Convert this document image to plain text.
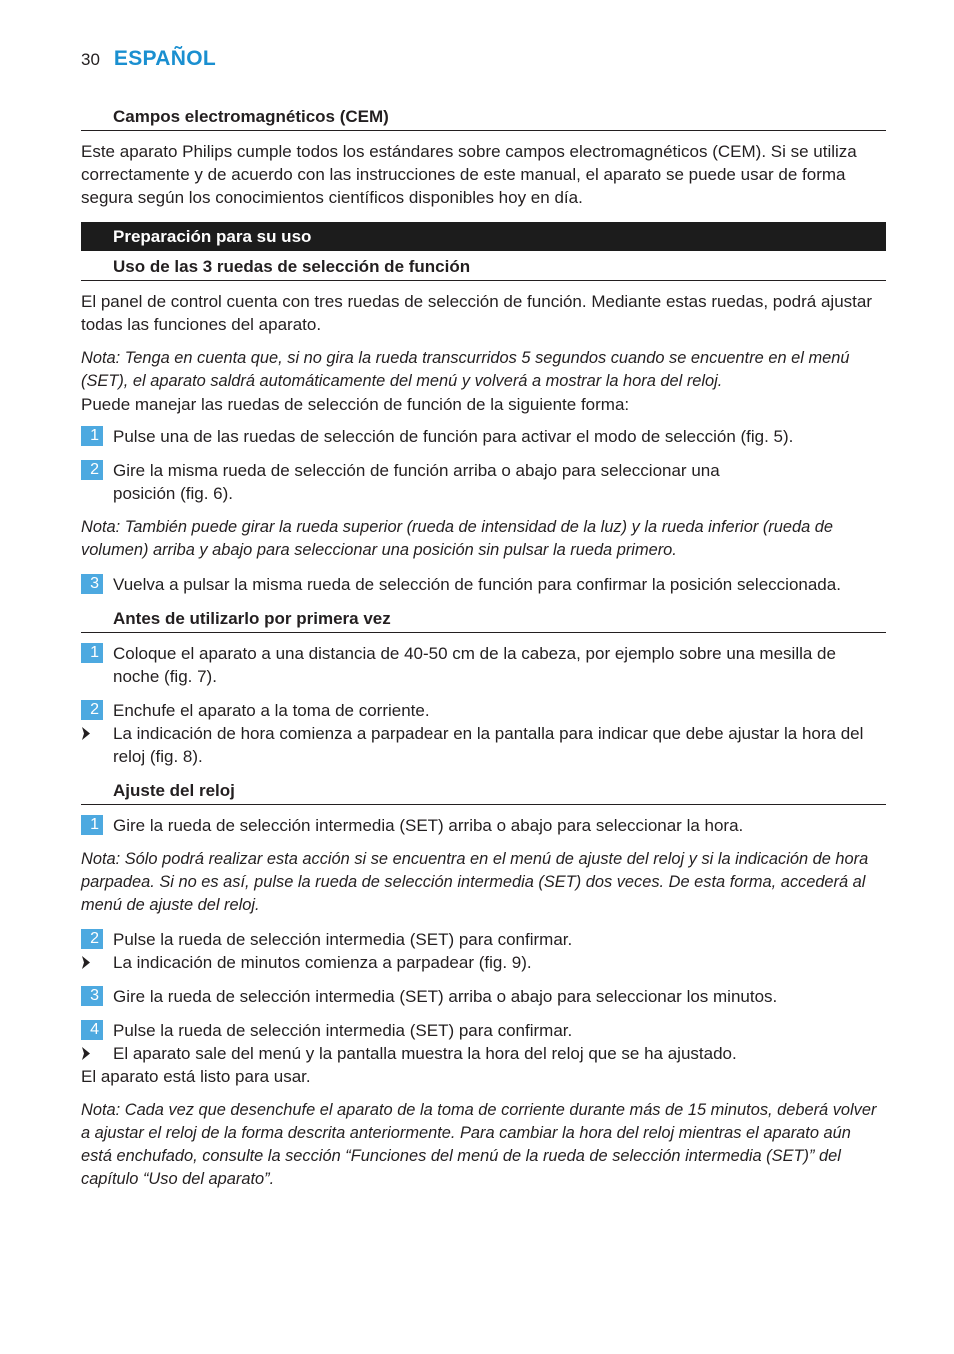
30 ESPAÑOL
Campos electromagnéticos (CEM)

Este aparato Philips cumple todos los estándares sobre campos electromagnéticos (CEM). Si se utiliza correctamente y de acuerdo con las instrucciones de este manual, el aparato se puede usar de forma segura según los conocimientos científicos disponibles hoy en día.

Preparación para su uso
Uso de las 3 ruedas de selección de función

El panel de control cuenta con tres ruedas de selección de función. Mediante estas ruedas, podrá ajustar todas las funciones del aparato.

Nota: Tenga en cuenta que, si no gira la rueda transcurridos 5 segundos cuando se encuentre en el menú (SET), el aparato saldrá automáticamente del menú y volverá a mostrar la hora del reloj.

Puede manejar las ruedas de selección de función de la siguiente forma:

1 Pulse una de las ruedas de selección de función para activar el modo de selección (fig. 5).
2 Gire la misma rueda de selección de función arriba o abajo para seleccionar una posición (fig. 6).

Nota: También puede girar la rueda superior (rueda de intensidad de la luz) y la rueda inferior (rueda de volumen) arriba y abajo para seleccionar una posición sin pulsar la rueda primero.

3 Vuelva a pulsar la misma rueda de selección de función para confirmar la posición seleccionada.
Antes de utilizarlo por primera vez
1 Coloque el aparato a una distancia de 40-50 cm de la cabeza, por ejemplo sobre una mesilla de noche (fig. 7).
2 Enchufe el aparato a la toma de corriente.
La indicación de hora comienza a parpadear en la pantalla para indicar que debe ajustar la hora del reloj (fig. 8).
Ajuste del reloj
1 Gire la rueda de selección intermedia (SET) arriba o abajo para seleccionar la hora.

Nota: Sólo podrá realizar esta acción si se encuentra en el menú de ajuste del reloj y si la indicación de hora parpadea. Si no es así, pulse la rueda de selección intermedia (SET) dos veces. De esta forma, accederá al menú de ajuste del reloj.

2 Pulse la rueda de selección intermedia (SET) para confirmar.
La indicación de minutos comienza a parpadear (fig. 9).
3 Gire la rueda de selección intermedia (SET) arriba o abajo para seleccionar los minutos.
4 Pulse la rueda de selección intermedia (SET) para confirmar.
El aparato sale del menú y la pantalla muestra la hora del reloj que se ha ajustado.

El aparato está listo para usar.

Nota: Cada vez que desenchufe el aparato de la toma de corriente durante más de 15 minutos, deberá volver a ajustar el reloj de la forma descrita anteriormente. Para cambiar la hora del reloj mientras el aparato aún está enchufado, consulte la sección “Funciones del menú de la rueda de selección intermedia (SET)” del capítulo “Uso del aparato”.
